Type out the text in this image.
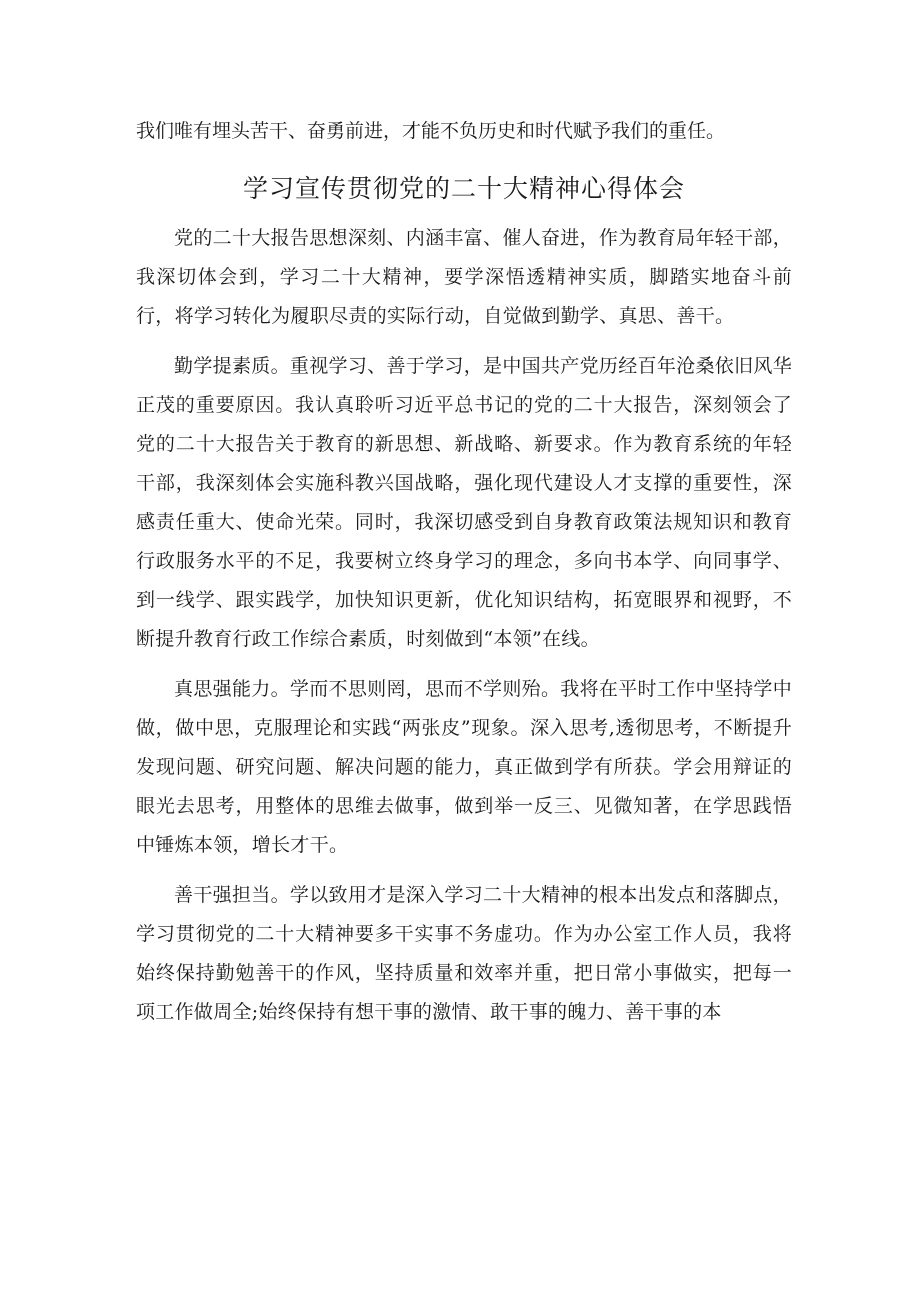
我们唯有埋头苦干、奋勇前进，才能不负历史和时代赋予我们的重任。

学习宣传贯彻党的二十大精神心得体会

党的二十大报告思想深刻、内涵丰富、催人奋进，作为教育局年轻干部，我深切体会到，学习二十大精神，要学深悟透精神实质，脚踏实地奋斗前行，将学习转化为履职尽责的实际行动，自觉做到勤学、真思、善干。

勤学提素质。重视学习、善于学习，是中国共产党历经百年沧桑依旧风华正茂的重要原因。我认真聆听习近平总书记的党的二十大报告，深刻领会了党的二十大报告关于教育的新思想、新战略、新要求。作为教育系统的年轻干部，我深刻体会实施科教兴国战略，强化现代建设人才支撑的重要性，深感责任重大、使命光荣。同时，我深切感受到自身教育政策法规知识和教育行政服务水平的不足，我要树立终身学习的理念，多向书本学、向同事学、到一线学、跟实践学，加快知识更新，优化知识结构，拓宽眼界和视野，不断提升教育行政工作综合素质，时刻做到“本领”在线。

真思强能力。学而不思则罔，思而不学则殆。我将在平时工作中坚持学中做，做中思，克服理论和实践“两张皮”现象。深入思考,透彻思考，不断提升发现问题、研究问题、解决问题的能力，真正做到学有所获。学会用辩证的眼光去思考，用整体的思维去做事，做到举一反三、见微知著，在学思践悟中锤炼本领，增长才干。

善干强担当。学以致用才是深入学习二十大精神的根本出发点和落脚点，学习贯彻党的二十大精神要多干实事不务虚功。作为办公室工作人员，我将始终保持勤勉善干的作风，坚持质量和效率并重，把日常小事做实，把每一项工作做周全;始终保持有想干事的激情、敢干事的魄力、善干事的本
